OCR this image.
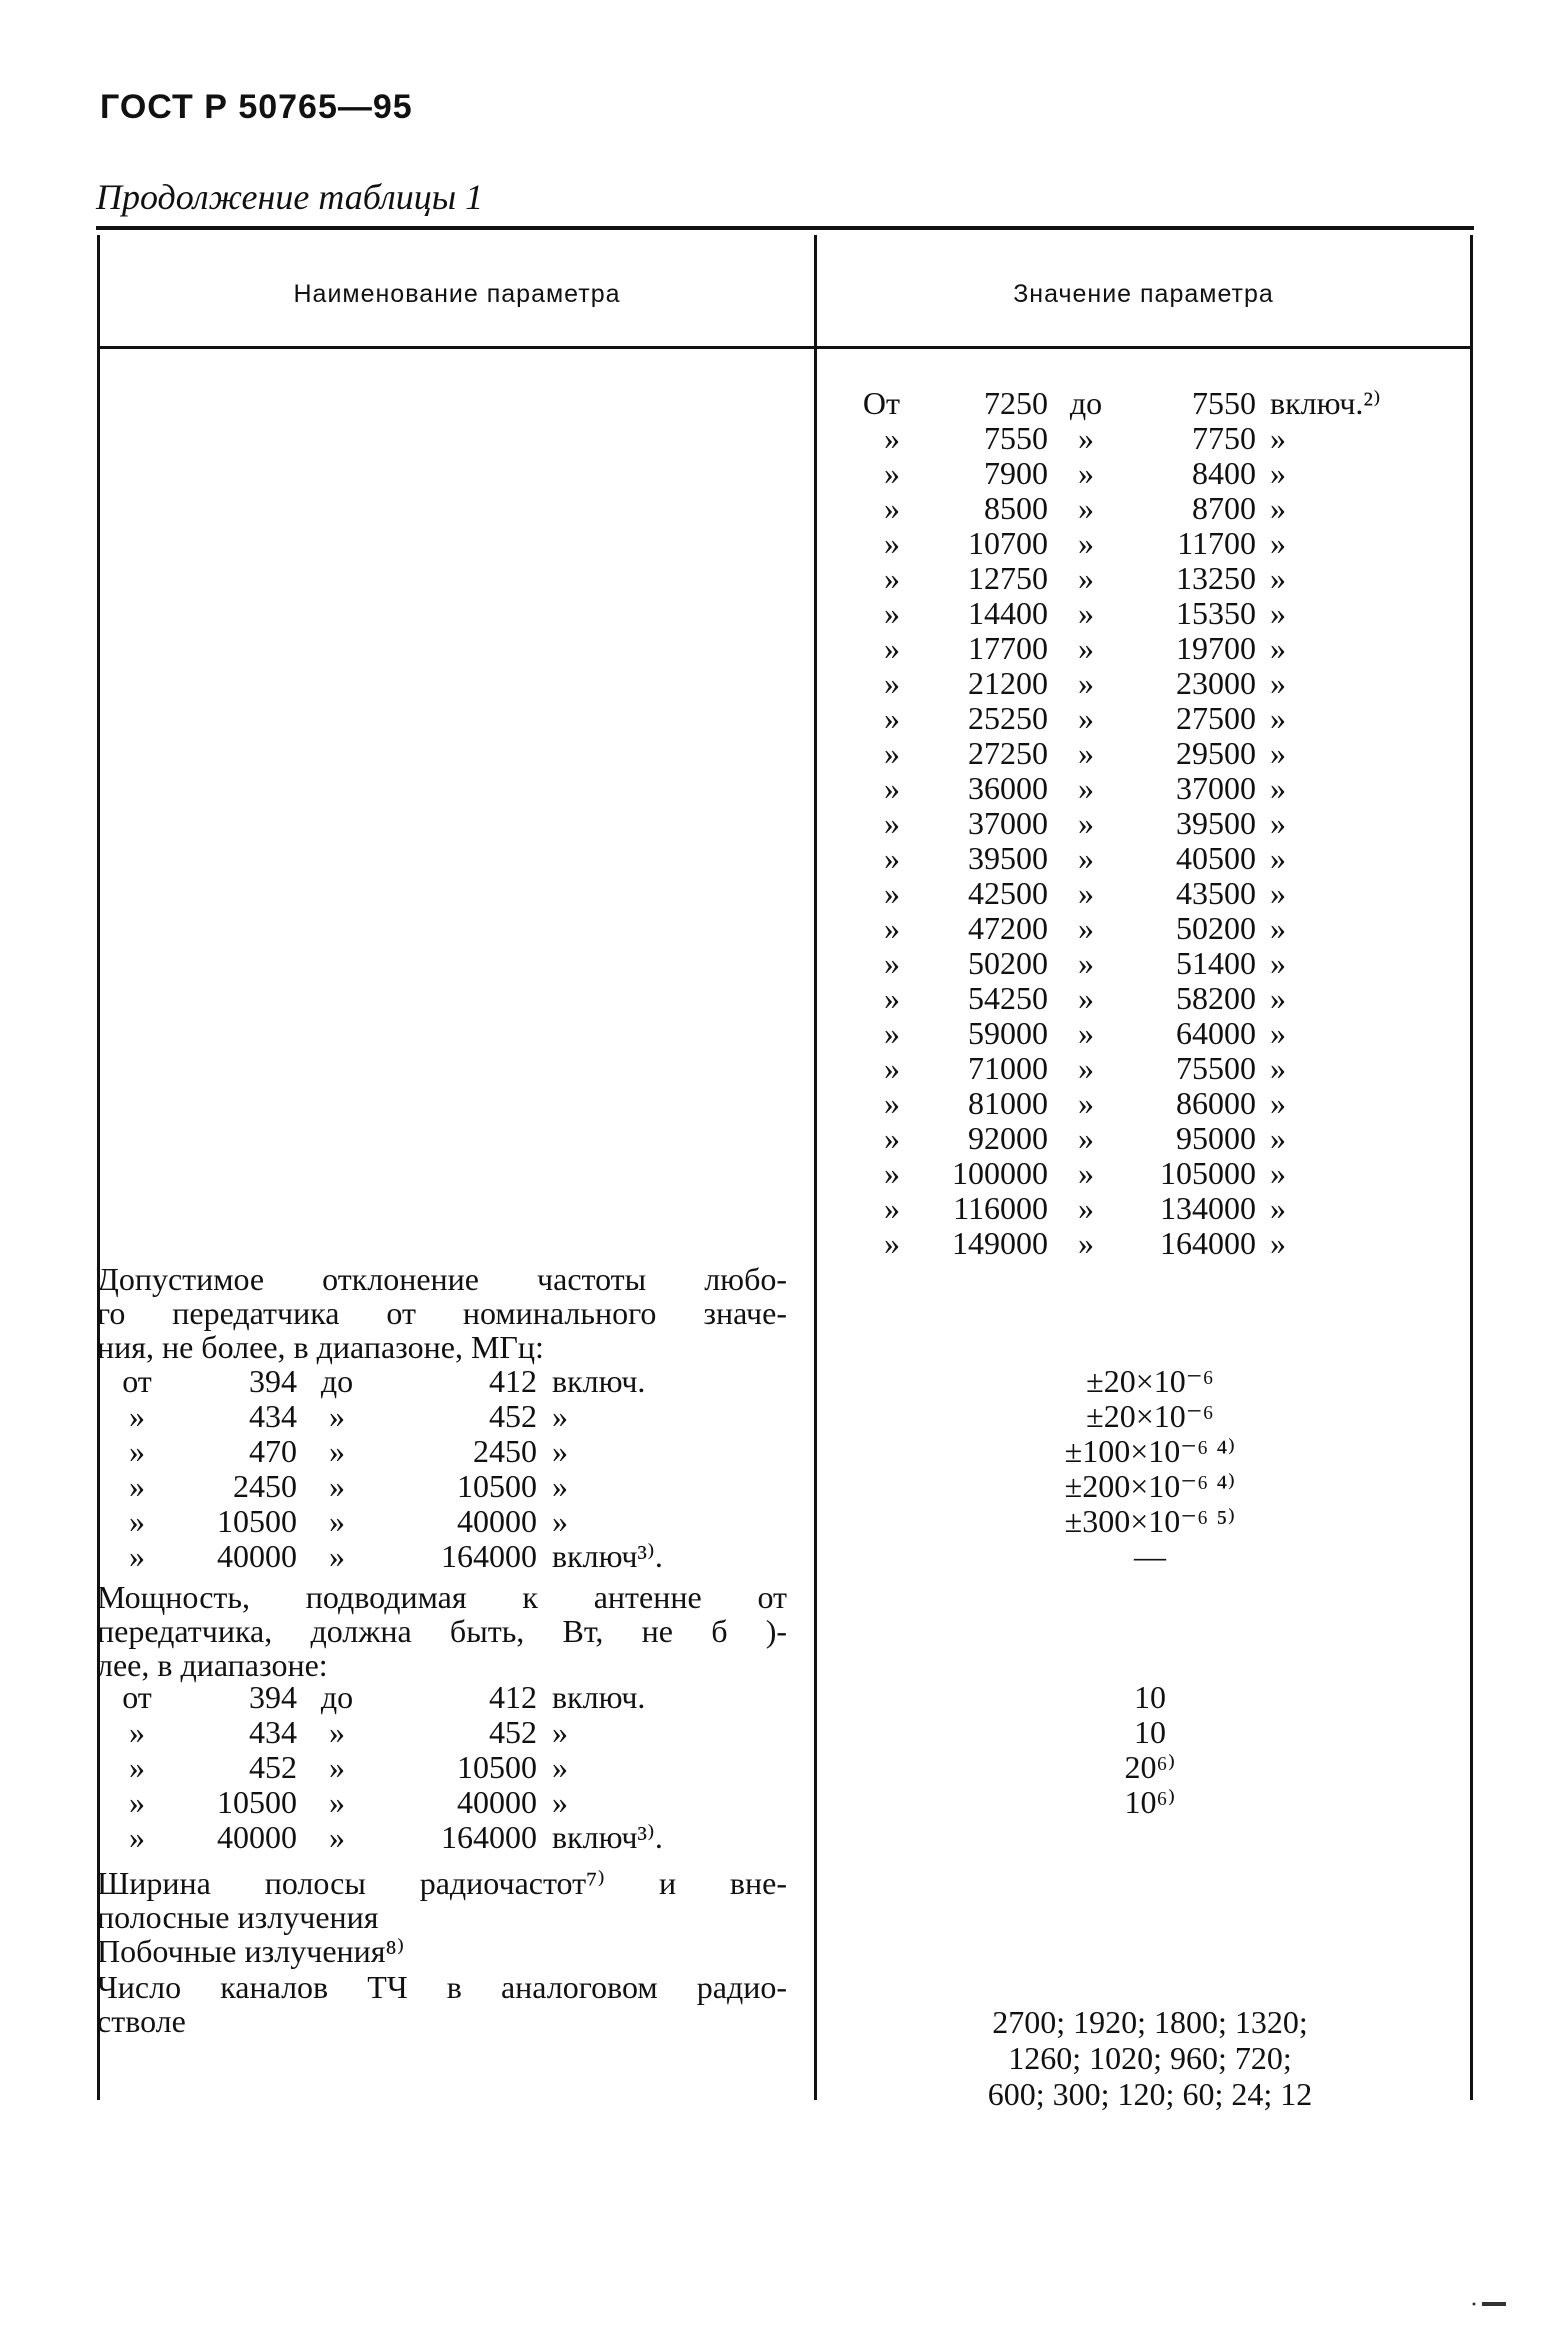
ГОСТ Р 50765—95
Продолжение таблицы 1
Наименование параметра	Значение параметра
От	7250 до	7550 включ.²⁾
»	7550 »	7750 »
»	7900 »	8400 »
»	8500 »	8700 »
»	10700 »	11700 »
»	12750 »	13250 »
»	14400 »	15350 »
»	17700 »	19700 »
»	21200 »	23000 »
»	25250 »	27500 »
»	27250 »	29500 »
»	36000 »	37000 »
»	37000 »	39500 »
»	39500 »	40500 »
»	42500 »	43500 »
»	47200 »	50200 »
»	50200 »	51400 »
»	54250 »	58200 »
»	59000 »	64000 »
»	71000 »	75500 »
»	81000 »	86000 »
»	92000 »	95000 »
»	100000 »	105000 »
»	116000 »	134000 »
»	149000 »	164000 »
Допустимое отклонение частоты любо-
го передатчика от номинального значе-
ния, не более, в диапазоне, МГц:
от	394 до	412 включ.	±20×10⁻⁶
»	434	»	452 »	±20×10⁻⁶
»	470	»	2450 »	±100×10⁻⁶ ⁴⁾
»	2450	»	10500 »	±200×10⁻⁶ ⁴⁾
»	10500	»	40000 »	±300×10⁻⁶ ⁵⁾
»	40000	»	164000 включ³⁾.	—
Мощность, подводимая к антенне от
передатчика, должна быть, Вт, не б )-
лее, в диапазоне:
от	394 до	412 включ.	10
»	434	»	452 »	10
»	452	»	10500 »	20⁶⁾
»	10500	»	40000 »	10⁶⁾
»	40000	»	164000 включ³⁾.
Ширина полосы радиочастот⁷⁾ и вне-
полосные излучения
Побочные излучения⁸⁾
Число каналов ТЧ в аналоговом радио-
стволе	2700; 1920; 1800; 1320;
1260; 1020; 960; 720;
600; 300; 120; 60; 24; 12
